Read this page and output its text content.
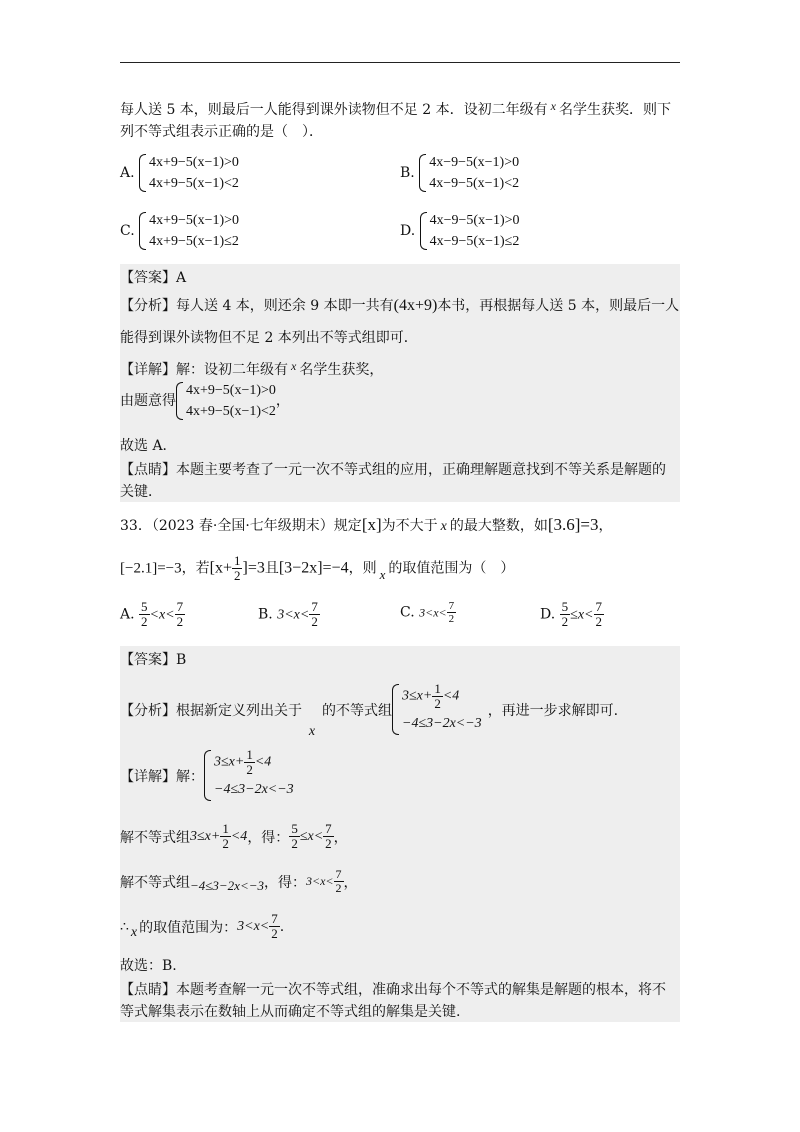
每人送 5 本，则最后一人能得到课外读物但不足 2 本．设初二年级有 x 名学生获奖．则下
列不等式组表示正确的是（　）．
A.
4x+9−5(x−1)>0
4x+9−5(x−1)<2
B.
4x−9−5(x−1)>0
4x−9−5(x−1)<2
C.
4x+9−5(x−1)>0
4x+9−5(x−1)≤2
D.
4x−9−5(x−1)>0
4x−9−5(x−1)≤2
【答案】A
【分析】每人送 4 本，则还余 9 本即一共有(4x+9)本书，再根据每人送 5 本，则最后一人
能得到课外读物但不足 2 本列出不等式组即可．
【详解】解：设初二年级有 x 名学生获奖，
由题意得
4x+9−5(x−1)>0
4x+9−5(x−1)<2
，
故选 A．
【点睛】本题主要考查了一元一次不等式组的应用，正确理解题意找到不等关系是解题的
关键．
33．（2023 春·全国·七年级期末）规定[x]为不大于 x 的最大整数，如[3.6]=3，
[−2.1]=−3，若$[x+ \frac{1}{2} ]=3$且[3−2x]=−4，则 x 的取值范围为（　）
A. $\frac{5}{2} <x< \frac{7}{2}$	B. $3<x< \frac{7}{2}$	C. $3<x< \frac{7}{2}$	D. $\frac{5}{2} \le x< \frac{7}{2}$
【答案】B
【分析】根据新定义列出关于
x
的不等式组
$3\le x+ \frac{1}{2} <4$
−4≤3−2x<−3
，再进一步求解即可.
【详解】解：
$3\le x+ \frac{1}{2} <4$
−4≤3−2x<−3
解不等式组 $3\le x+ \frac{1}{2} <4$ ，得： $\frac{5}{2} \le x< \frac{7}{2}$ ，
解不等式组 −4≤3−2x<−3 ，得： $3<x< \frac{7}{2}$ ，
∴ x 的取值范围为： $3<x< \frac{7}{2}$ .
故选：B.
【点睛】本题考查解一元一次不等式组，准确求出每个不等式的解集是解题的根本，将不
等式解集表示在数轴上从而确定不等式组的解集是关键.
